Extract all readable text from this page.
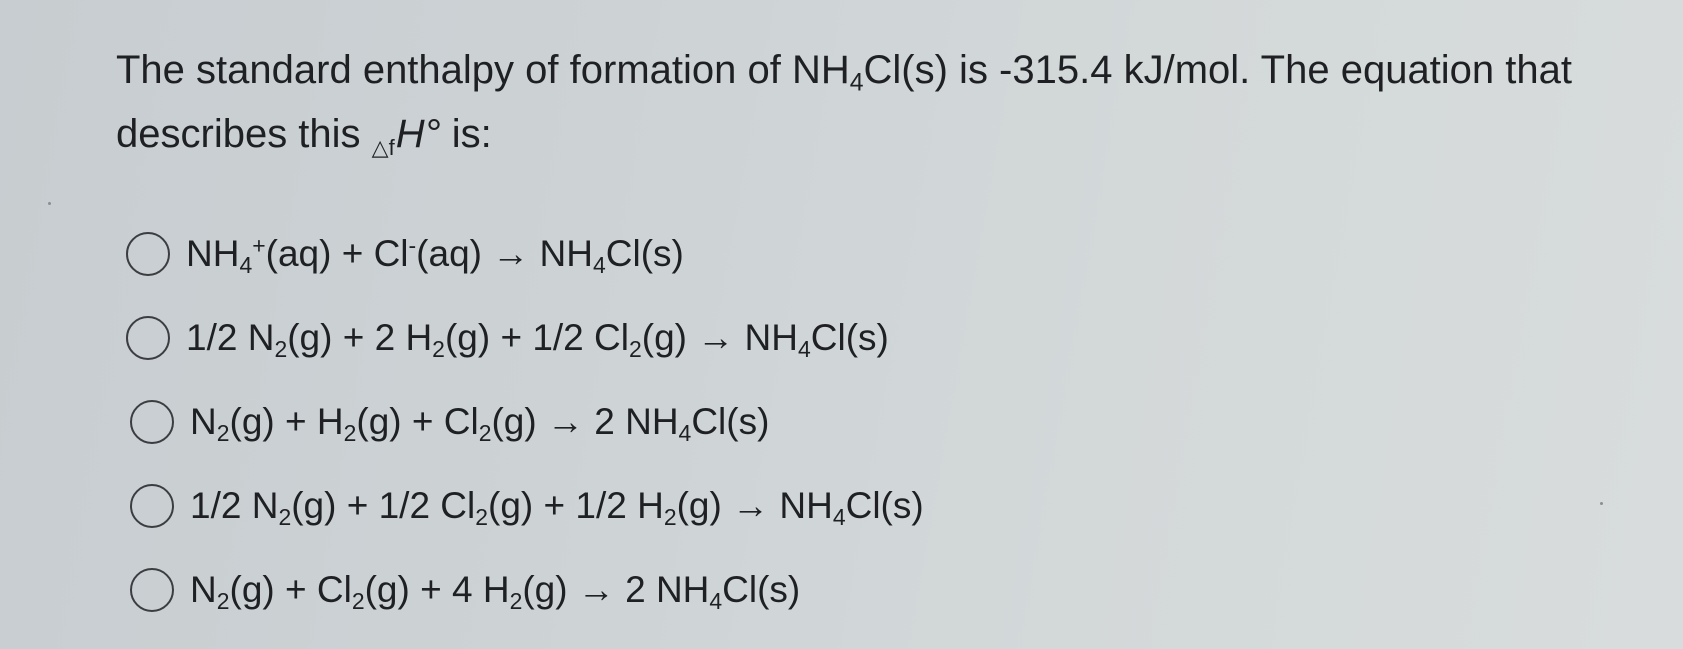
The standard enthalpy of formation of $NH_4Cl(s)$ is -315.4 kJ/mol. The equation that
describes this △fH° is:
$NH_4^+(aq) + Cl^-(aq) \to NH_4Cl(s)$
1/2 $N_2(g) + 2$ $H_2(g) + 1/2$ $Cl_2(g) \to NH_4Cl(s)$
$N_2(g) + H_2(g) + Cl_2(g) \to 2$ $NH_4Cl(s)$
1/2 $N_2(g) + 1/2$ $Cl_2(g) + 1/2$ $H_2(g) \to NH_4Cl(s)$
$N_2(g) + Cl_2(g) + 4$ $H_2(g) \to 2$ $NH_4Cl(s)$
